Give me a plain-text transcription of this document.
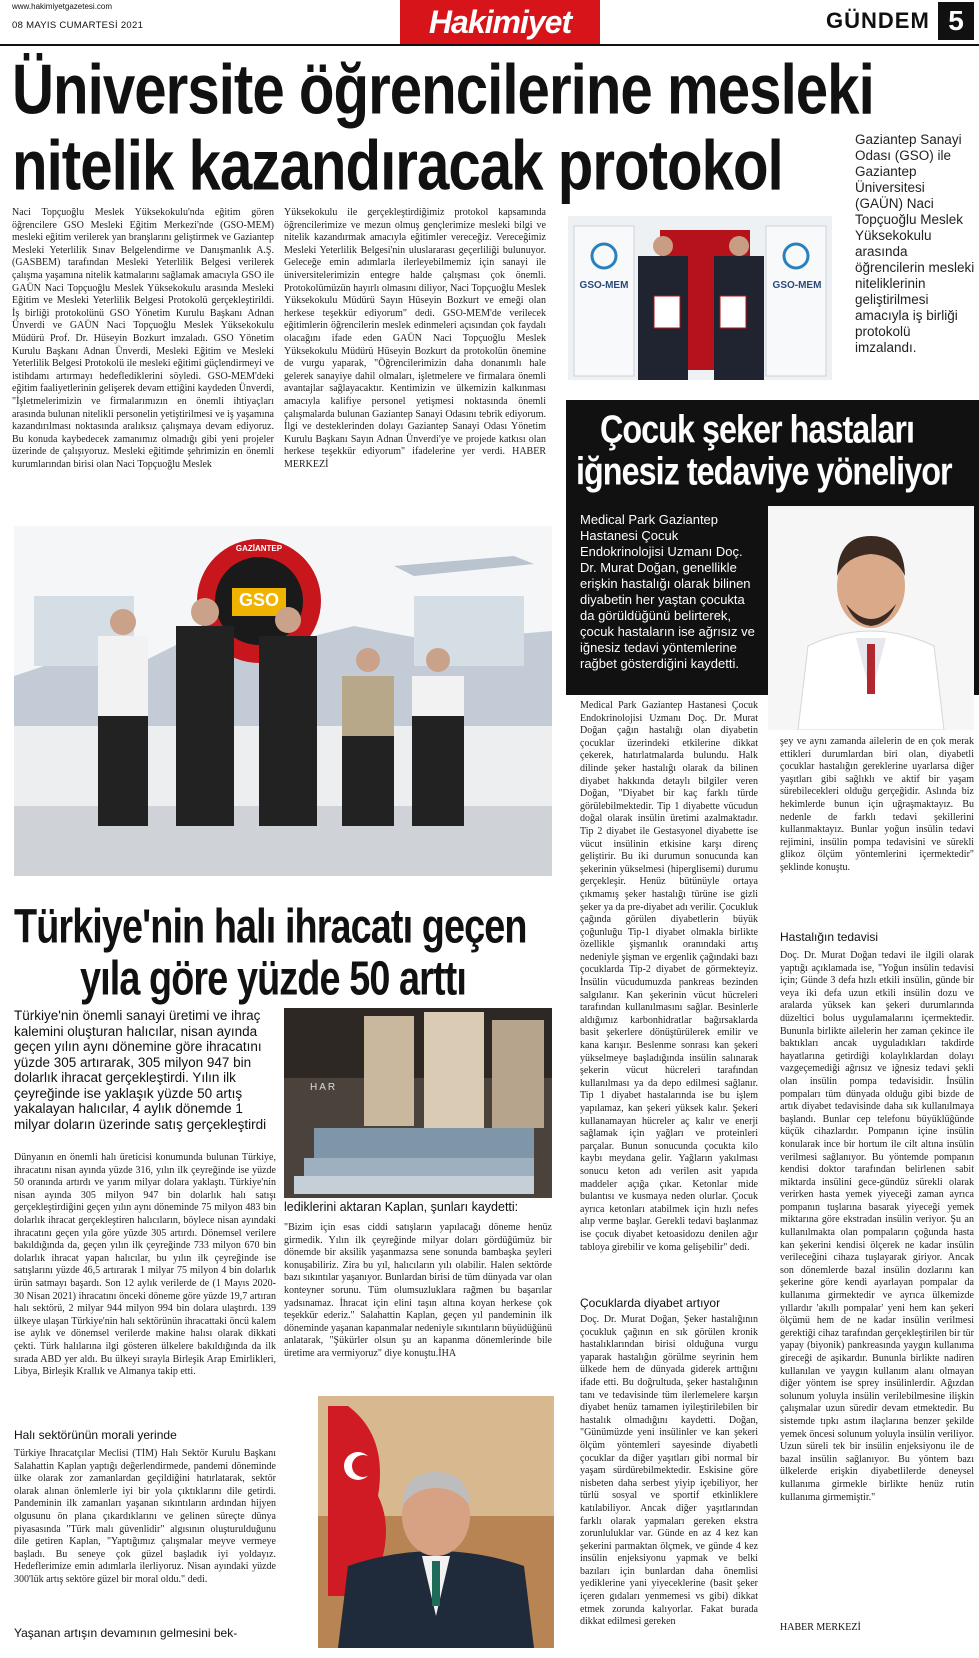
www.hakimiyetgazetesi.com
08 MAYIS CUMARTESİ 2021	Hakimiyet	GÜNDEM 5
Üniversite öğrencilerine mesleki
nitelik kazandıracak protokol
Naci Topçuoğlu Meslek Yüksekokulu'nda eğitim gören öğrencilere GSO Mesleki Eğitim Merkezi'nde (GSO-MEM) mesleki eğitim verilerek yan branşlarını geliştirmek ve Gaziantep Mesleki Yeterlilik Sınav Belgelendirme ve Danışmanlık A.Ş. (GASBEM) tarafından Mesleki Yeterlilik Belgesi verilerek çalışma yaşamına nitelik katmalarını sağlamak amacıyla GSO ile GAÜN Naci Topçuoğlu Meslek Yüksekokulu arasında Mesleki Eğitim ve Mesleki Yeterlilik Belgesi Protokolü gerçekleştirildi. İş birliği protokolünü GSO Yönetim Kurulu Başkanı Adnan Ünverdi ve GAÜN Naci Topçuoğlu Meslek Yüksekokulu Müdürü Prof. Dr. Hüseyin Bozkurt imzaladı. GSO Yönetim Kurulu Başkanı Adnan Ünverdi, Mesleki Eğitim ve Mesleki Yeterlilik Belgesi Protokolü ile mesleki eğitimi güçlendirmeyi ve istihdamı artırmayı hedeflediklerini söyledi. GSO-MEM'deki eğitim faaliyetlerinin gelişerek devam ettiğini kaydeden Ünverdi, "İşletmelerimizin ve firmalarımızın en önemli ihtiyaçları arasında bulunan nitelikli personelin yetiştirilmesi ve iş yaşamına kazandırılması noktasında aralıksız çalışmaya devam ediyoruz. Bu konuda kaybedecek zamanımız olmadığı gibi yeni projeler üzerinde de çalışıyoruz. Mesleki eğitimde şehrimizin en önemli kurumlarından birisi olan Naci Topçuoğlu Meslek
Yüksekokulu ile gerçekleştirdiğimiz protokol kapsamında öğrencilerimize ve mezun olmuş gençlerimize mesleki bilgi ve nitelik kazandırmak amacıyla eğitimler vereceğiz. Vereceğimiz Mesleki Yeterlilik Belgesi'nin uluslararası geçerliliği bulunuyor. Geleceğe emin adımlarla ilerleyebilmemiz için sanayi ile üniversitelerimizin entegre halde çalışması çok önemli. Protokolümüzün hayırlı olmasını diliyor, Naci Topçuoğlu Meslek Yüksekokulu Müdürü Sayın Hüseyin Bozkurt ve emeği olan herkese teşekkür ediyorum" dedi. GSO-MEM'de verilecek eğitimlerin öğrencilerin meslek edinmeleri açısından çok faydalı olacağını ifade eden GAÜN Naci Topçuoğlu Meslek Yüksekokulu Müdürü Hüseyin Bozkurt da protokolün önemine de vurgu yaparak, "Öğrencilerimizin daha donanımlı hale gelerek sanayiye dahil olmaları, işletmelere ve firmalara önemli avantajlar sağlayacaktır. Kentimizin ve ülkemizin kalkınması amacıyla kalifiye personel yetişmesi noktasında önemli çalışmalarda bulunan Gaziantep Sanayi Odasını tebrik ediyorum. İlgi ve desteklerinden dolayı Gaziantep Sanayi Odası Yönetim Kurulu Başkanı Sayın Adnan Ünverdi'ye ve projede katkısı olan herkese teşekkür ediyorum" ifadelerine yer verdi. HABER MERKEZİ
GSO-MEM	GSO-MEM
Gaziantep Sanayi Odası (GSO) ile Gaziantep Üniversitesi (GAÜN) Naci Topçuoğlu Meslek Yüksekokulu arasında öğrencilerin mesleki niteliklerinin geliştirilmesi amacıyla iş birliği protokolü imzalandı.
GSO
GAZİANTEP
Çocuk şeker hastaları
iğnesiz tedaviye yöneliyor
Medical Park Gaziantep Hastanesi Çocuk Endokrinolojisi Uzmanı Doç. Dr. Murat Doğan, genellikle erişkin hastalığı olarak bilinen diyabetin her yaştan çocukta da görüldüğünü belirterek, çocuk hastaların ise ağrısız ve iğnesiz tedavi yöntemlerine rağbet gösterdiğini kaydetti.
Medical Park Gaziantep Hastanesi Çocuk Endokrinolojisi Uzmanı Doç. Dr. Murat Doğan çağın hastalığı olan diyabetin çocuklar üzerindeki etkilerine dikkat çekerek, hatırlatmalarda bulundu. Halk dilinde şeker hastalığı olarak da bilinen diyabet hakkında detaylı bilgiler veren Doğan, "Diyabet bir kaç farklı türde görülebilmektedir. Tip 1 diyabette vücudun doğal olarak insülin üretimi azalmaktadır. Tip 2 diyabet ile Gestasyonel diyabette ise vücut insülinin etkisine karşı direnç geliştirir. Bu iki durumun sonucunda kan şekerinin yükselmesi (hiperglisemi) durumu gerçekleşir. Henüz bütünüyle ortaya çıkmamış şeker hastalığı türüne ise gizli şeker ya da pre-diyabet adı verilir. Çocukluk çağında görülen diyabetlerin büyük çoğunluğu Tip-1 diyabet olmakla birlikte özellikle şişmanlık oranındaki artış nedeniyle şişman ve ergenlik çağındaki bazı çocuklarda Tip-2 diyabet de görmekteyiz. İnsülin vücudumuzda pankreas bezinden salgılanır. Kan şekerinin vücut hücreleri tarafından kullanılmasını sağlar. Besinlerle aldığımız karbonhidratlar bağırsaklarda basit şekerlere dönüştürülerek emilir ve kana karışır. Beslenme sonrası kan şekeri yükselmeye başladığında insülin salınarak şekerin vücut hücreleri tarafından kullanılması ya da depo edilmesi sağlanır. Tip 1 diyabet hastalarında ise bu işlem yapılamaz, kan şekeri yüksek kalır. Şekeri kullanamayan hücreler aç kalır ve enerji sağlamak için yağları ve proteinleri parçalar. Bunun sonucunda çocukta kilo kaybı meydana gelir. Yağların yakılması sonucu keton adı verilen asit yapıda maddeler açığa çıkar. Ketonlar mide bulantısı ve kusmaya neden olurlar. Çocuk ayrıca ketonları atabilmek için hızlı nefes alıp verme başlar. Gerekli tedavi başlanmaz ise çocuk diyabet ketoasidozu denilen ağır tabloya girebilir ve koma gelişebilir" dedi.
Çocuklarda diyabet artıyor
Doç. Dr. Murat Doğan, Şeker hastalığının çocukluk çağının en sık görülen kronik hastalıklarından birisi olduğuna vurgu yaparak hastalığın görülme seyrinin hem ülkede hem de dünyada giderek arttığını ifade etti. Bu doğrultuda, şeker hastalığının tanı ve tedavisinde tüm ilerlemelere karşın diyabet henüz tamamen iyileştirilebilen bir hastalık olmadığını kaydetti. Doğan, "Günümüzde yeni insülinler ve kan şekeri ölçüm yöntemleri sayesinde diyabetli çocuklar da diğer yaşıtları gibi normal bir yaşam sürdürebilmektedir. Eskisine göre nisbeten daha serbest yiyip içebiliyor, her türlü sosyal ve sportif etkinliklere katılabiliyor. Ancak diğer yaşıtlarından farklı olarak yapmaları gereken ekstra zorunluluklar var. Günde en az 4 kez kan şekerini parmaktan ölçmek, ve günde 4 kez insülin enjeksiyonu yapmak ve belki bazıları için bunlardan daha önemlisi yediklerine yani yiyeceklerine (basit şeker içeren gıdaları yenmemesi vs gibi) dikkat etmek zorunda kalıyorlar. Fakat burada dikkat edilmesi gereken
şey ve aynı zamanda ailelerin de en çok merak ettikleri durumlardan biri olan, diyabetli çocuklar hastalığın gereklerine uyarlarsa diğer yaşıtları gibi sağlıklı ve aktif bir yaşam sürebilecekleri olduğu gerçeğidir. Aslında biz hekimlerde bunun için uğraşmaktayız. Bu nedenle de farklı tedavi şekillerini kullanmaktayız. Bunlar yoğun insülin tedavi rejimini, insülin pompa tedavisini ve sürekli glikoz ölçüm yöntemlerini içermektedir" şeklinde konuştu.
Hastalığın tedavisi
Doç. Dr. Murat Doğan tedavi ile ilgili olarak yaptığı açıklamada ise, "Yoğun insülin tedavisi için; Günde 3 defa hızlı etkili insülin, günde bir veya iki defa uzun etkili insülin dozu ve aralarda yüksek kan şekeri durumlarında düzeltici bolus uygulamalarını içermektedir. Bununla birlikte ailelerin her zaman çekince ile baktıkları ancak uyguladıkları takdirde hayatlarına getirdiği kolaylıklardan dolayı vazgeçemediği ağrısız ve iğnesiz tedavi şekli olan insülin pompa tedavisidir. İnsülin pompaları tüm dünyada olduğu gibi bizde de artık diyabet tedavisinde daha sık kullanılmaya başlandı. Bunlar cep telefonu büyüklüğünde küçük cihazlardır. Pompanın içine insülin konularak ince bir hortum ile cilt altına insülin verilmesi sağlanıyor. Bu yöntemde pompanın kendisi doktor tarafından belirlenen sabit miktarda insülini gece-gündüz sürekli olarak verirken hasta yemek yiyeceği zaman ayrıca pompanın tuşlarına basarak yiyeceği yemek miktarına göre ekstradan insülin veriyor. Şu an kullanılmakta olan pompaların çoğunda hasta kan şekerini kendisi ölçerek ne kadar insülin verileceğini cihaza tuşlayarak giriyor. Ancak son dönemlerde bazal insülin dozlarını kan şekerine göre kendi ayarlayan pompalar da kullanıma girmektedir ve ayrıca ülkemizde yıllardır 'akıllı pompalar' yeni hem kan şekeri ölçümü hem de ne kadar insülin verilmesi gerektiği cihaz tarafından gerçekleştirilen bir tür yapay (biyonik) pankreasında yaygın kullanıma gireceği de aşikardır. Bununla birlikte nadiren kullanılan ve yaygın kullanım alanı olmayan diğer yöntem ise sprey insülinlerdir. Ağızdan solunum yoluyla insülin verilebilmesine ilişkin çalışmalar uzun süredir devam etmektedir. Bu sistemde tıpkı astım ilaçlarına benzer şekilde yemek öncesi solunum yoluyla insülin veriliyor. Uzun süreli tek bir insülin enjeksiyonu ile de bazal insülin sağlanıyor. Bu yöntem bazı ülkelerde erişkin diyabetlilerde deneysel kullanıma girmekle birlikte henüz rutin kullanıma girmemiştir."
HABER MERKEZİ
Türkiye'nin halı ihracatı geçen
yıla göre yüzde 50 arttı
Türkiye'nin önemli sanayi üretimi ve ihraç kalemini oluşturan halıcılar, nisan ayında geçen yılın aynı dönemine göre ihracatını yüzde 305 artırarak, 305 milyon 947 bin dolarlık ihracat gerçekleştirdi. Yılın ilk çeyreğinde ise yaklaşık yüzde 50 artış yakalayan halıcılar, 4 aylık dönemde 1 milyar doların üzerinde satış gerçekleştirdi
HAR
Dünyanın en önemli halı üreticisi konumunda bulunan Türkiye, ihracatını nisan ayında yüzde 316, yılın ilk çeyreğinde ise yüzde 50 oranında artırdı ve yarım milyar dolara yaklaştı. Türkiye'nin nisan ayında 305 milyon 947 bin dolarlık halı satışı gerçekleştirdiğini geçen yılın aynı döneminde 75 milyon 483 bin dolarlık ihracat gerçekleştiren halıcıların, böylece nisan ayındaki ihracatını geçen yıla göre yüzde 305 artırdı. Dönemsel verilere bakıldığında da, geçen yılın ilk çeyreğinde 733 milyon 670 bin dolarlık ihracat yapan halıcılar, bu yılın ilk çeyreğinde ise satışlarını yüzde 46,5 artırarak 1 milyar 75 milyon 4 bin dolarlık ürün satmayı başardı. Son 12 aylık verilerde de (1 Mayıs 2020-30 Nisan 2021) ihracatını önceki döneme göre yüzde 19,7 artıran halı sektörü, 2 milyar 944 milyon 994 bin dolara ulaştırdı. 139 ülkeye ulaşan Türkiye'nin halı sektörünün ihracattaki öncü kalem ise aylık ve dönemsel verilerde makine halısı olarak dikkati çekti. Türk halılarına ilgi gösteren ülkelere bakıldığında da ilk sırada ABD yer aldı. Bu ülkeyi sırayla Birleşik Arap Emirlikleri, Libya, Birleşik Krallık ve Almanya takip etti.
Halı sektörünün morali yerinde
Türkiye İhracatçılar Meclisi (TİM) Halı Sektör Kurulu Başkanı Salahattin Kaplan yaptığı değerlendirmede, pandemi döneminde ülke olarak zor zamanlardan geçildiğini hatırlatarak, sektör olarak alınan önlemlerle iyi bir yola çıktıklarını dile getirdi. Pandeminin ilk zamanları yaşanan sıkıntıların ardından hijyen olgusunu ön plana çıkardıklarını ve gelinen süreçte dünya piyasasında "Türk malı güvenlidir" algısının oluşturulduğunu dile getiren Kaplan, "Yaptığımız çalışmalar meyve vermeye başladı. Bu seneye çok güzel başladık iyi yoldayız. Hedeflerimize emin adımlarla ilerliyoruz. Nisan ayındaki yüzde 300'lük artış sektöre güzel bir moral oldu." dedi.
Yaşanan artışın devamının gelmesini bek-
lediklerini aktaran Kaplan, şunları kaydetti:
"Bizim için esas ciddi satışların yapılacağı döneme henüz girmedik. Yılın ilk çeyreğinde milyar doları gördüğümüz bir dönemde bir aksilik yaşanmazsa sene sonunda bambaşka şeyleri konuşabiliriz. Zira bu yıl, halıcıların yılı olabilir. Halen sektörde bazı sıkıntılar yaşanıyor. Bunlardan birisi de tüm dünyada var olan konteyner sorunu. Tüm olumsuzluklara rağmen bu başarılar yadsınamaz. İhracat için elini taşın altına koyan herkese çok teşekkür ederiz." Salahattin Kaplan, geçen yıl pandeminin ilk döneminde yaşanan kapanmalar nedeniyle sıkıntıların büyüdüğünü anlatarak, "Şükürler olsun şu an kapanma dönemlerinde bile üretime ara vermiyoruz" diye konuştu.İHA
